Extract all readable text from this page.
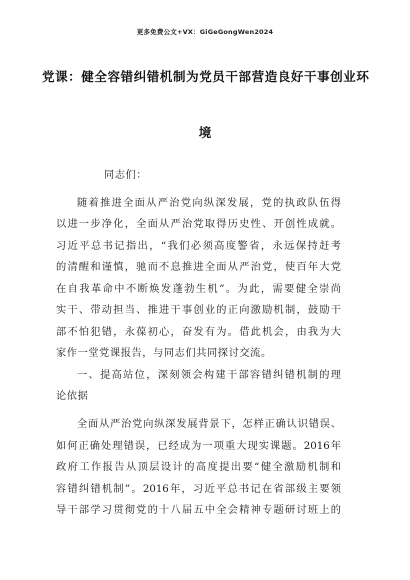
更多免费公文+VX：GiGeGongWen2024
党课：健全容错纠错机制为党员干部营造良好干事创业环
境
同志们：
随着推进全面从严治党向纵深发展，党的执政队伍得
以进一步净化，全面从严治党取得历史性、开创性成就。
习近平总书记指出，“我们必须高度警省，永远保持赶考
的清醒和谨慎，驰而不息推进全面从严治党，使百年大党
在自我革命中不断焕发蓬勃生机”。为此，需要健全崇尚
实干、带动担当、推进干事创业的正向激励机制，鼓励干
部不怕犯错，永葆初心，奋发有为。借此机会，由我为大
家作一堂党课报告，与同志们共同探讨交流。
一、提高站位，深刻领会构建干部容错纠错机制的理
论依据
全面从严治党向纵深发展背景下，怎样正确认识错误、
如何正确处理错误，已经成为一项重大现实课题。2016年
政府工作报告从顶层设计的高度提出要“健全激励机制和
容错纠错机制”。2016年，习近平总书记在省部级主要领
导干部学习贯彻党的十八届五中全会精神专题研讨班上的
